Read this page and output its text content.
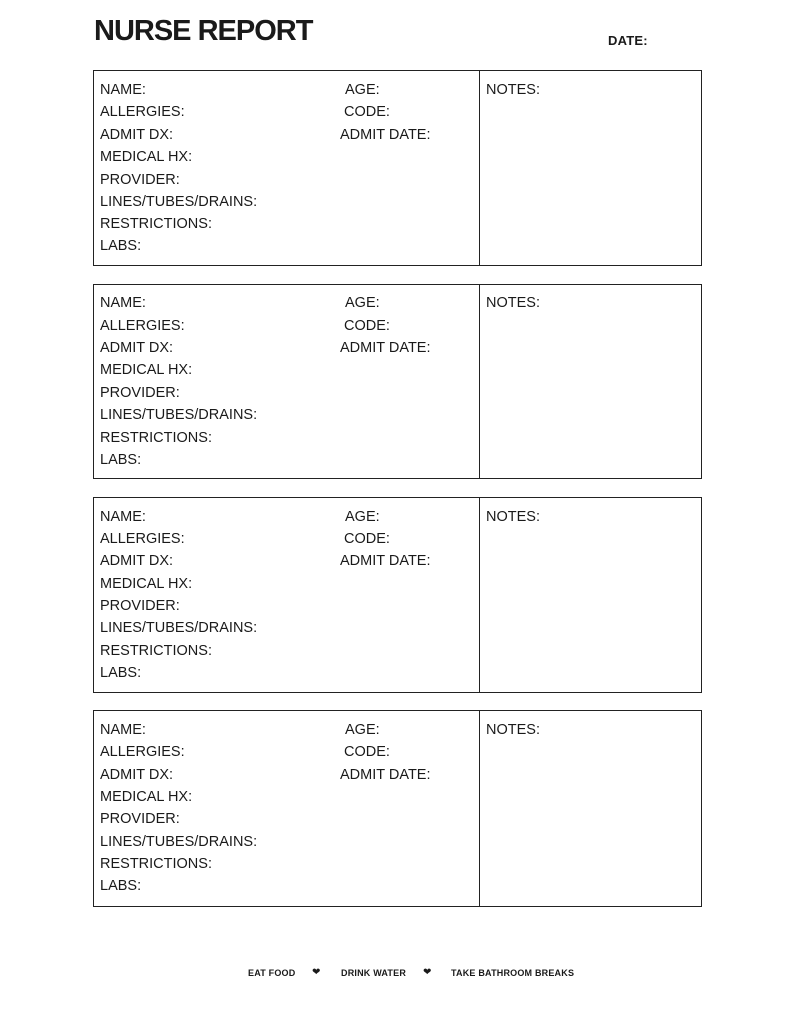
NURSE REPORT	DATE:
NAME:	AGE:	NOTES:
ALLERGIES:	CODE:
ADMIT DX:	ADMIT DATE:
MEDICAL HX:
PROVIDER:
LINES/TUBES/DRAINS:
RESTRICTIONS:
LABS:
NAME:	AGE:	NOTES:
ALLERGIES:	CODE:
ADMIT DX:	ADMIT DATE:
MEDICAL HX:
PROVIDER:
LINES/TUBES/DRAINS:
RESTRICTIONS:
LABS:
NAME:	AGE:	NOTES:
ALLERGIES:	CODE:
ADMIT DX:	ADMIT DATE:
MEDICAL HX:
PROVIDER:
LINES/TUBES/DRAINS:
RESTRICTIONS:
LABS:
NAME:	AGE:	NOTES:
ALLERGIES:	CODE:
ADMIT DX:	ADMIT DATE:
MEDICAL HX:
PROVIDER:
LINES/TUBES/DRAINS:
RESTRICTIONS:
LABS:
EAT FOOD ❤ DRINK WATER ❤ TAKE BATHROOM BREAKS
